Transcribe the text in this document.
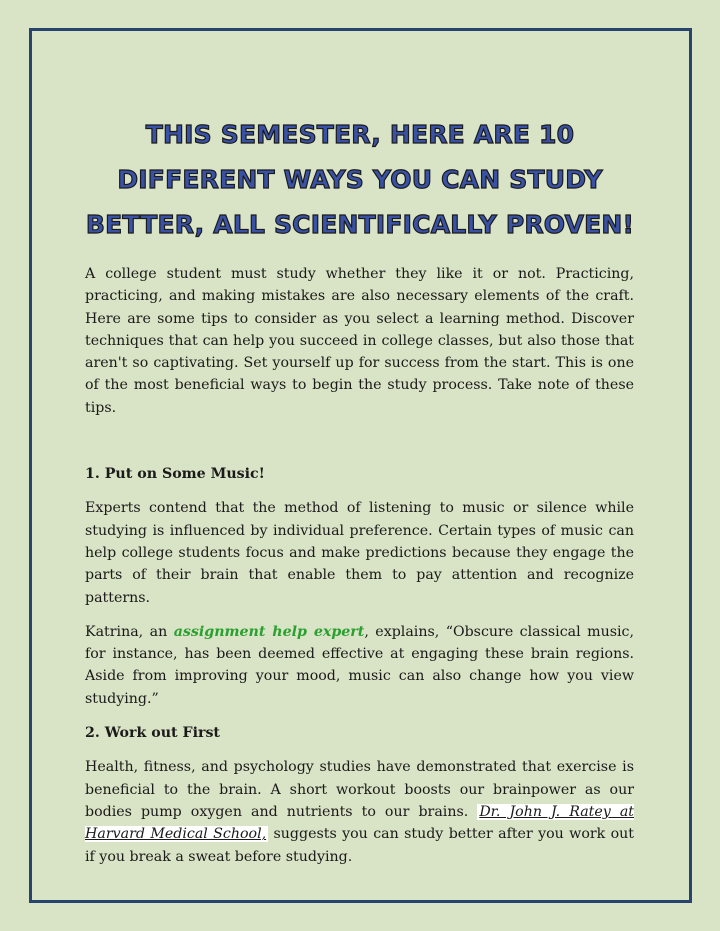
THIS SEMESTER, HERE ARE 10 DIFFERENT WAYS YOU CAN STUDY BETTER, ALL SCIENTIFICALLY PROVEN!

A college student must study whether they like it or not. Practicing, practicing, and making mistakes are also necessary elements of the craft. Here are some tips to consider as you select a learning method. Discover techniques that can help you succeed in college classes, but also those that aren't so captivating. Set yourself up for success from the start. This is one of the most beneficial ways to begin the study process. Take note of these tips.

1. Put on Some Music!

Experts contend that the method of listening to music or silence while studying is influenced by individual preference. Certain types of music can help college students focus and make predictions because they engage the parts of their brain that enable them to pay attention and recognize patterns.

Katrina, an assignment help expert, explains, “Obscure classical music, for instance, has been deemed effective at engaging these brain regions. Aside from improving your mood, music can also change how you view studying.”

2. Work out First

Health, fitness, and psychology studies have demonstrated that exercise is beneficial to the brain. A short workout boosts our brainpower as our bodies pump oxygen and nutrients to our brains. Dr. John J. Ratey at Harvard Medical School, suggests you can study better after you work out if you break a sweat before studying.
